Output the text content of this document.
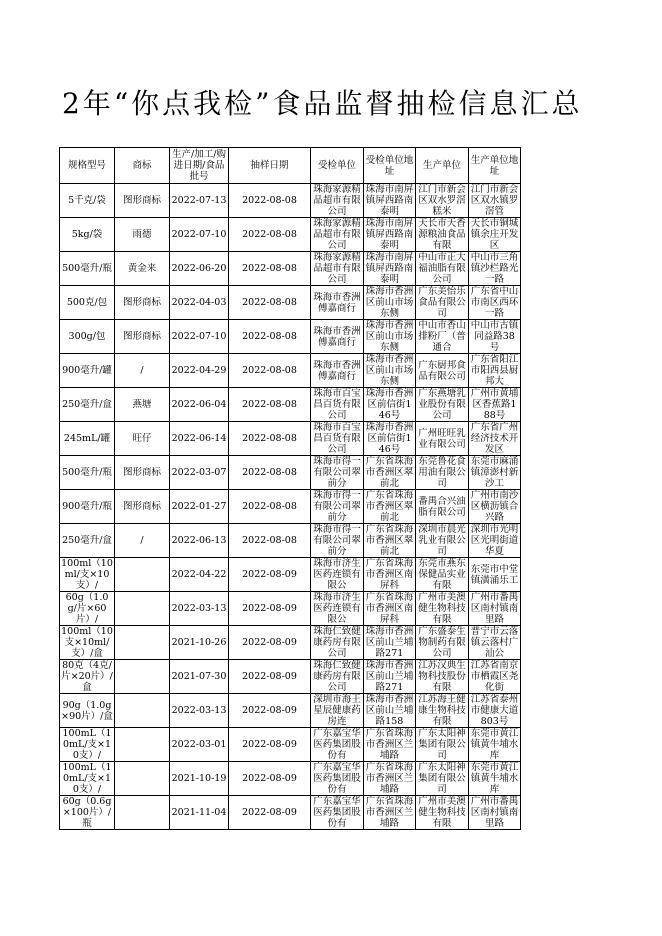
2年“你点我检”食品监督抽检信息汇总
规格型号	商标	生产/加工/购进日期/食品批号	抽样日期	受检单位	受检单位地址	生产单位	生产单位地址

5千克/袋	图形商标	2022-07-13	2022-08-08	珠海家源精品超市有限公司	珠海市南屏镇屏西路南泰明	江门市新会区双水罗滘糕米	江门市新会区双水镇罗滘管

5kg/袋	雨德	2022-07-10	2022-08-08	珠海家源精品超市有限公司	珠海市南屏镇屏西路南泰明	天长市天香源粮油食品有限	天长市铜城镇余庄开发区

500毫升/瓶	黄金来	2022-06-20	2022-08-08	珠海家源精品超市有限公司	珠海市南屏镇屏西路南泰明	中山市正大福油脂有限公司	中山市三角镇沙栏路光一路

500克/包	图形商标	2022-04-03	2022-08-08	珠海市香洲傅嘉商行	珠海市香洲区前山市场东侧	广东美怡乐食品有限公司	广东省中山市南区西环一路

300g/包	图形商标	2022-07-10	2022-08-08	珠海市香洲傅嘉商行	珠海市香洲区前山市场东侧	中山市香山排粉厂（普通合	中山市古镇同益路38号

900毫升/罐	/	2022-04-29	2022-08-08	珠海市香洲傅嘉商行	珠海市香洲区前山市场东侧	广东厨邦食品有限公司	广东省阳江市阳西县厨邦大

250毫升/盒	燕塘	2022-06-04	2022-08-08	珠海市百宝昌百货有限公司	珠海市香洲区前信街146号	广东燕塘乳业股份有限公司	广州市黄埔区香蕉路188号

245mL/罐	旺仔	2022-06-14	2022-08-08	珠海市百宝昌百货有限公司	珠海市香洲区前信街146号	广州旺旺乳业有限公司	广东省广州经济技术开发区

500毫升/瓶	图形商标	2022-03-07	2022-08-08	珠海市得一有限公司翠前分	广东省珠海市香洲区翠前北	东莞鲁花食用油有限公司	东莞市麻涌镇漳澎村新沙工

900毫升/瓶	图形商标	2022-01-27	2022-08-08	珠海市得一有限公司翠前分	广东省珠海市香洲区翠前北	番禺合兴油脂有限公司	广州市南沙区横沥镇合兴路

250毫升/盒	/	2022-06-13	2022-08-08	珠海市得一有限公司翠前分	广东省珠海市香洲区翠前北	深圳市晨光乳业有限公司	深圳市光明区光明街道华夏

100ml（10ml/支×10支）/		2022-04-22	2022-08-09	珠海市济生医药连锁有限公	广东省珠海市香洲区南屏科	东莞市燕东保健品实业有限	东莞市中堂镇潢涌乐工

60g（1.0g/片×60片）/		2022-03-13	2022-08-09	珠海市济生医药连锁有限公	广东省珠海市香洲区南屏科	广州市美澳健生物科技有限	广州市番禺区南村镇南里路

100ml（10支×10ml/支）/盒		2021-10-26	2022-08-09	珠海仁致健康药房有限公司	珠海市香洲区前山兰埔路271	广东盛泰生物制药有限公司	普宁市云落镇云落村广汕公

80克（4克/片×20片）/盒		2021-07-30	2022-08-09	珠海仁致健康药房有限公司	珠海市香洲区前山兰埔路271	江苏汉典生物科技股份有限	江苏省南京市栖霞区尧化街

90g（1.0g×90片）/盒		2022-03-13	2022-08-09	深圳市海王星辰健康药房连	珠海市香洲区前山兰埔路158	江苏海王健康生物科技有限	江苏省泰州市健康大道803号

100mL（10mL/支×10支）/		2022-03-01	2022-08-09	广东嘉宝华医药集团股份有	广东省珠海市香洲区兰埔路	广东太阳神集团有限公司	东莞市黄江镇黄牛埔水库

100mL（10mL/支×10支）/		2021-10-19	2022-08-09	广东嘉宝华医药集团股份有	广东省珠海市香洲区兰埔路	广东太阳神集团有限公司	东莞市黄江镇黄牛埔水库

60g（0.6g×100片）/瓶		2021-11-04	2022-08-09	广东嘉宝华医药集团股份有	广东省珠海市香洲区兰埔路	广州市美澳健生物科技有限	广州市番禺区南村镇南里路
